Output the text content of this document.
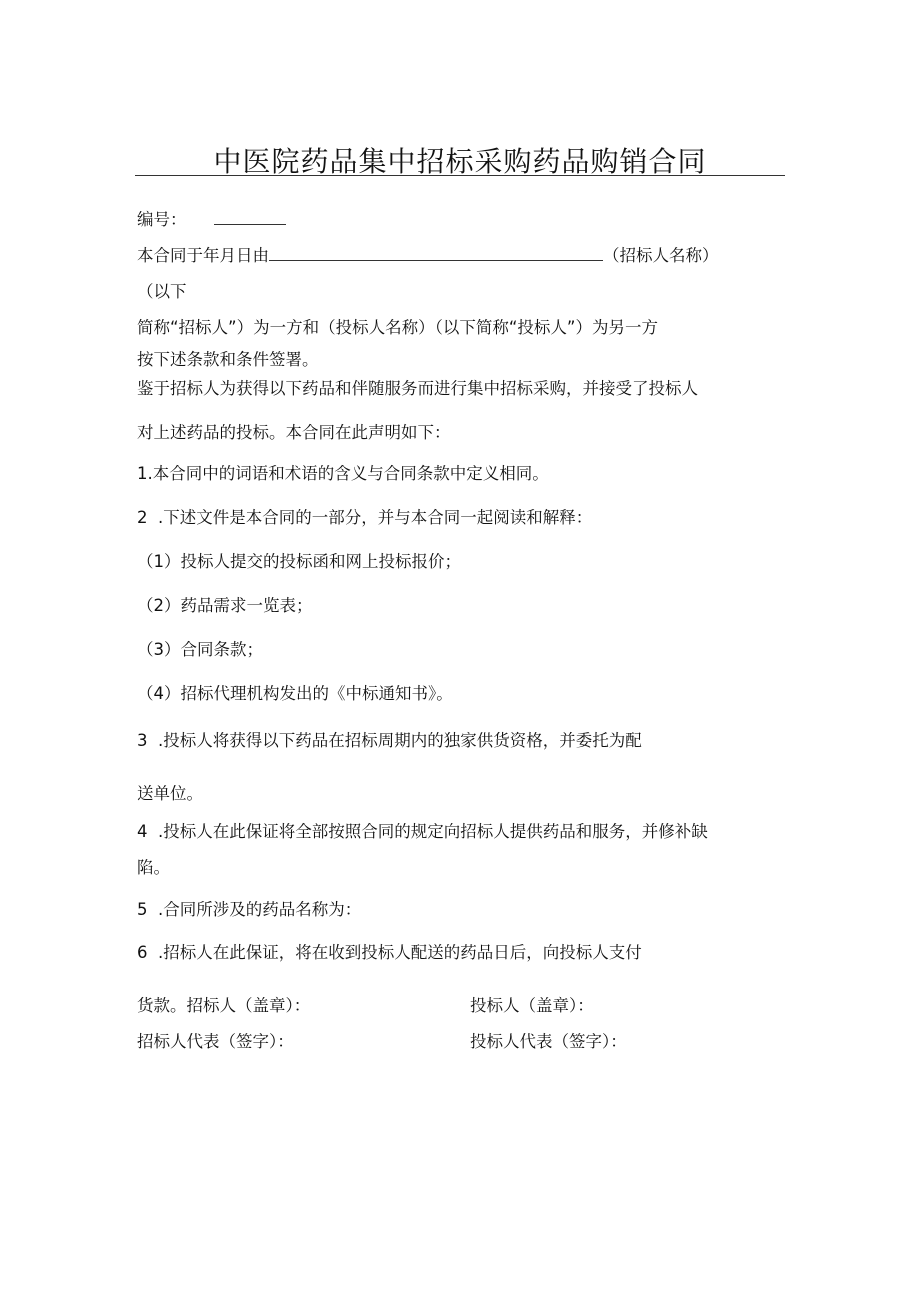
中医院药品集中招标采购药品购销合同
编号：
本合同于年月日由	（招标人名称）
（以下
简称“招标人”）为一方和（投标人名称）（以下简称“投标人”）为另一方
按下述条款和条件签署。
鉴于招标人为获得以下药品和伴随服务而进行集中招标采购，并接受了投标人
对上述药品的投标。本合同在此声明如下：
1.本合同中的词语和术语的含义与合同条款中定义相同。
2  .下述文件是本合同的一部分，并与本合同一起阅读和解释：
（1）投标人提交的投标函和网上投标报价；
（2）药品需求一览表；
（3）合同条款；
（4）招标代理机构发出的《中标通知书》。
3  .投标人将获得以下药品在招标周期内的独家供货资格，并委托为配
送单位。
4  .投标人在此保证将全部按照合同的规定向招标人提供药品和服务，并修补缺
陷。
5  .合同所涉及的药品名称为：
6  .招标人在此保证，将在收到投标人配送的药品日后，向投标人支付
货款。招标人（盖章）：	投标人（盖章）：
招标人代表（签字）：	投标人代表（签字）：
